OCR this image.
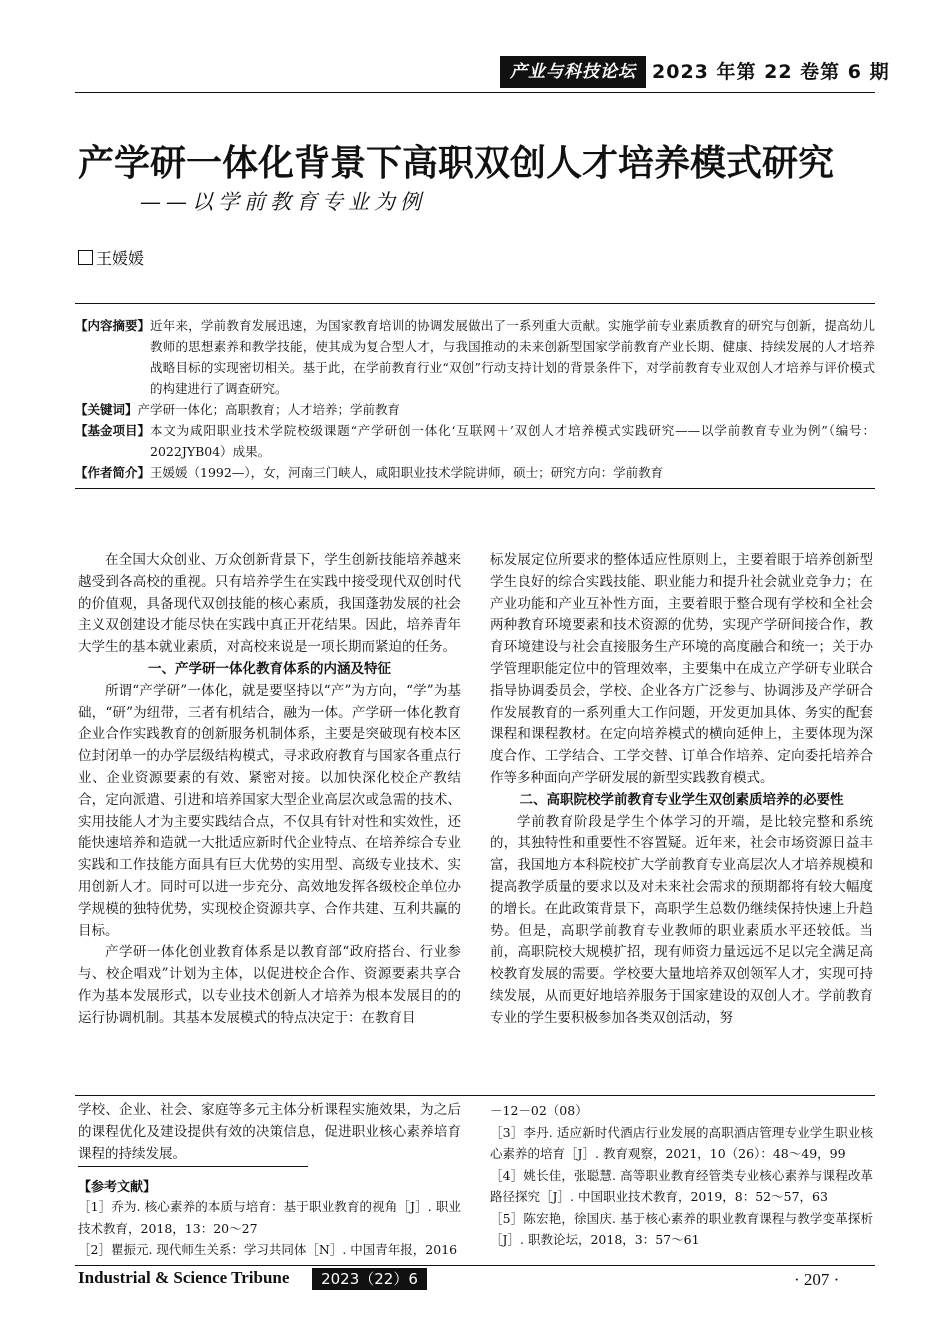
产业与科技论坛 2023 年第 22 卷第 6 期
产学研一体化背景下高职双创人才培养模式研究
——以学前教育专业为例
王媛媛
【内容摘要】 近年来，学前教育发展迅速，为国家教育培训的协调发展做出了一系列重大贡献。实施学前专业素质教育的研究与创新，提高幼儿教师的思想素养和教学技能，使其成为复合型人才，与我国推动的未来创新型国家学前教育产业长期、健康、持续发展的人才培养战略目标的实现密切相关。基于此，在学前教育行业“双创”行动支持计划的背景条件下，对学前教育专业双创人才培养与评价模式的构建进行了调查研究。
【关键词】 产学研一体化；高职教育；人才培养；学前教育
【基金项目】 本文为咸阳职业技术学院校级课题“产学研创一体化‘互联网＋’双创人才培养模式实践研究——以学前教育专业为例”（编号：2022JYB04）成果。
【作者简介】 王媛媛（1992—），女，河南三门峡人，咸阳职业技术学院讲师，硕士；研究方向：学前教育

在全国大众创业、万众创新背景下，学生创新技能培养越来越受到各高校的重视。只有培养学生在实践中接受现代双创时代的价值观，具备现代双创技能的核心素质，我国蓬勃发展的社会主义双创建设才能尽快在实践中真正开花结果。因此，培养青年大学生的基本就业素质，对高校来说是一项长期而紧迫的任务。

一、产学研一体化教育体系的内涵及特征

所谓“产学研”一体化，就是要坚持以“产”为方向，“学”为基础，“研”为纽带，三者有机结合，融为一体。产学研一体化教育企业合作实践教育的创新服务机制体系，主要是突破现有校本区位封闭单一的办学层级结构模式，寻求政府教育与国家各重点行业、企业资源要素的有效、紧密对接。以加快深化校企产教结合，定向派遣、引进和培养国家大型企业高层次或急需的技术、实用技能人才为主要实践结合点，不仅具有针对性和实效性，还能快速培养和造就一大批适应新时代企业特点、在培养综合专业实践和工作技能方面具有巨大优势的实用型、高级专业技术、实用创新人才。同时可以进一步充分、高效地发挥各级校企单位办学规模的独特优势，实现校企资源共享、合作共建、互利共赢的目标。

产学研一体化创业教育体系是以教育部“政府搭台、行业参与、校企唱戏”计划为主体，以促进校企合作、资源要素共享合作为基本发展形式，以专业技术创新人才培养为根本发展目的的运行协调机制。其基本发展模式的特点决定于：在教育目

标发展定位所要求的整体适应性原则上，主要着眼于培养创新型学生良好的综合实践技能、职业能力和提升社会就业竞争力；在产业功能和产业互补性方面，主要着眼于整合现有学校和全社会两种教育环境要素和技术资源的优势，实现产学研间接合作，教育环境建设与社会直接服务生产环境的高度融合和统一；关于办学管理职能定位中的管理效率，主要集中在成立产学研专业联合指导协调委员会，学校、企业各方广泛参与、协调涉及产学研合作发展教育的一系列重大工作问题，开发更加具体、务实的配套课程和课程教材。在定向培养模式的横向延伸上，主要体现为深度合作、工学结合、工学交替、订单合作培养、定向委托培养合作等多种面向产学研发展的新型实践教育模式。

二、高职院校学前教育专业学生双创素质培养的必要性

学前教育阶段是学生个体学习的开端，是比较完整和系统的，其独特性和重要性不容置疑。近年来，社会市场资源日益丰富，我国地方本科院校扩大学前教育专业高层次人才培养规模和提高教学质量的要求以及对未来社会需求的预期都将有较大幅度的增长。在此政策背景下，高职学生总数仍继续保持快速上升趋势。但是，高职学前教育专业教师的职业素质水平还较低。当前，高职院校大规模扩招，现有师资力量远远不足以完全满足高校教育发展的需要。学校要大量地培养双创领军人才，实现可持续发展，从而更好地培养服务于国家建设的双创人才。学前教育专业的学生要积极参加各类双创活动，努

学校、企业、社会、家庭等多元主体分析课程实施效果，为之后的课程优化及建设提供有效的决策信息，促进职业核心素养培育课程的持续发展。

【参考文献】
［1］乔为. 核心素养的本质与培育：基于职业教育的视角［J］. 职业技术教育，2018，13：20～27
［2］瞿振元. 现代师生关系：学习共同体［N］. 中国青年报，2016
－12－02（08）
［3］李丹. 适应新时代酒店行业发展的高职酒店管理专业学生职业核心素养的培育［J］. 教育观察，2021，10（26）：48～49，99
［4］姚长佳，张聪慧. 高等职业教育经管类专业核心素养与课程改革路径探究［J］. 中国职业技术教育，2019，8：52～57，63
［5］陈宏艳，徐国庆. 基于核心素养的职业教育课程与教学变革探析［J］. 职教论坛，2018，3：57～61
Industrial & Science Tribune	2023（22）6	· 207 ·
